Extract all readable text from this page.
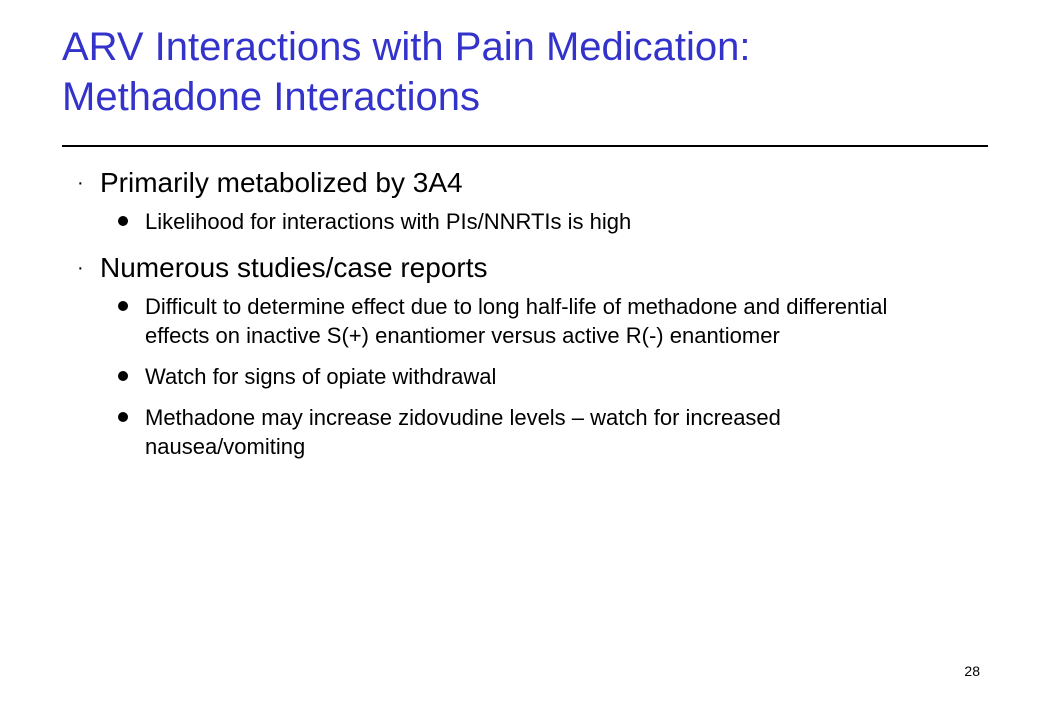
ARV Interactions with Pain Medication:
Methadone Interactions
· Primarily metabolized by 3A4
Likelihood for interactions with PIs/NNRTIs is high
· Numerous studies/case reports
Difficult to determine effect due to long half-life of methadone and differential effects on inactive S(+) enantiomer versus active R(-) enantiomer
Watch for signs of opiate withdrawal
Methadone may increase zidovudine levels – watch for increased nausea/vomiting
28
